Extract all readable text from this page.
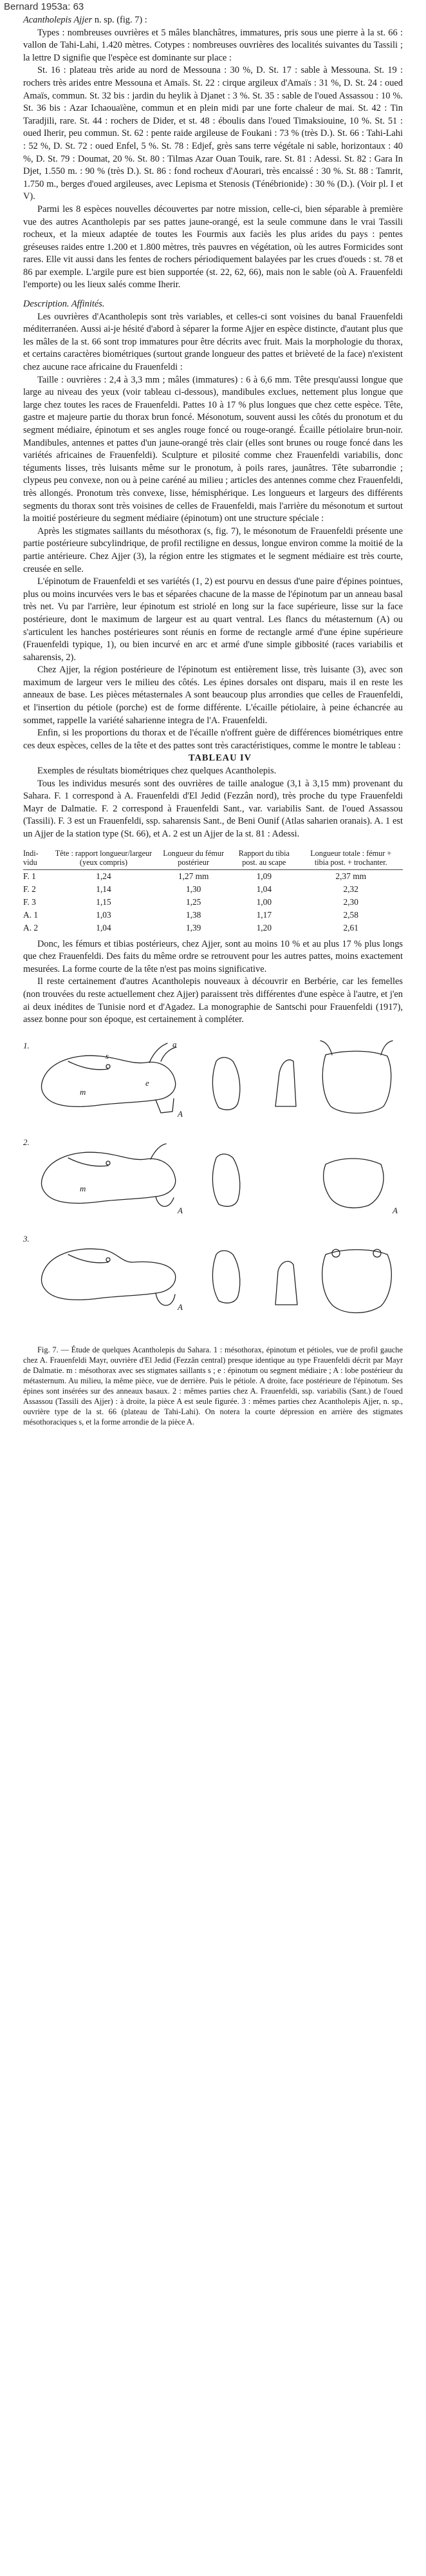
Bernard 1953a: 63

Acantholepis Ajjer n. sp. (fig. 7) :

Types : nombreuses ouvrières et 5 mâles blanchâtres, immatures, pris sous une pierre à la st. 66 : vallon de Tahi-Lahi, 1.420 mètres. Cotypes : nombreuses ouvrières des localités suivantes du Tassili ; la lettre D signifie que l'espèce est dominante sur place :

St. 16 : plateau très aride au nord de Messouna : 30 %, D. St. 17 : sable à Messouna. St. 19 : rochers très arides entre Messouna et Amaïs. St. 22 : cirque argileux d'Amaïs : 31 %, D. St. 24 : oued Amaïs, commun. St. 32 bis : jardin du heylik à Djanet : 3 %. St. 35 : sable de l'oued Assassou : 10 %. St. 36 bis : Azar Ichaouaïène, commun et en plein midi par une forte chaleur de mai. St. 42 : Tin Taradjili, rare. St. 44 : rochers de Dider, et st. 48 : éboulis dans l'oued Timaksiouine, 10 %. St. 51 : oued Iherir, peu commun. St. 62 : pente raide argileuse de Foukani : 73 % (très D.). St. 66 : Tahi-Lahi : 52 %, D. St. 72 : oued Enfel, 5 %. St. 78 : Edjef, grès sans terre végétale ni sable, horizontaux : 40 %, D. St. 79 : Doumat, 20 %. St. 80 : Tilmas Azar Ouan Touik, rare. St. 81 : Adessi. St. 82 : Gara In Djet, 1.550 m. : 90 % (très D.). St. 86 : fond rocheux d'Aourari, très encaissé : 30 %. St. 88 : Tamrit, 1.750 m., berges d'oued argileuses, avec Lepisma et Stenosis (Ténébrionide) : 30 % (D.). (Voir pl. I et V).

Parmi les 8 espèces nouvelles découvertes par notre mission, celle-ci, bien séparable à première vue des autres Acantholepis par ses pattes jaune-orangé, est la seule commune dans le vrai Tassili rocheux, et la mieux adaptée de toutes les Fourmis aux faciès les plus arides du pays : pentes gréseuses raides entre 1.200 et 1.800 mètres, très pauvres en végétation, où les autres Formicides sont rares. Elle vit aussi dans les fentes de rochers périodiquement balayées par les crues d'oueds : st. 78 et 86 par exemple. L'argile pure est bien supportée (st. 22, 62, 66), mais non le sable (où A. Frauenfeldi l'emporte) ou les lieux salés comme Iherir.

Description. Affinités.

Les ouvrières d'Acantholepis sont très variables, et celles-ci sont voisines du banal Frauenfeldi méditerranéen. Aussi ai-je hésité d'abord à séparer la forme Ajjer en espèce distincte, d'autant plus que les mâles de la st. 66 sont trop immatures pour être décrits avec fruit. Mais la morphologie du thorax, et certains caractères biométriques (surtout grande longueur des pattes et brièveté de la face) n'existent chez aucune race africaine du Frauenfeldi :

Taille : ouvrières : 2,4 à 3,3 mm ; mâles (immatures) : 6 à 6,6 mm. Tête presqu'aussi longue que large au niveau des yeux (voir tableau ci-dessous), mandibules exclues, nettement plus longue que large chez toutes les races de Frauenfeldi. Pattes 10 à 17 % plus longues que chez cette espèce. Tête, gastre et majeure partie du thorax brun foncé. Mésonotum, souvent aussi les côtés du pronotum et du segment médiaire, épinotum et ses angles rouge foncé ou rouge-orangé. Écaille pétiolaire brun-noir. Mandibules, antennes et pattes d'un jaune-orangé très clair (elles sont brunes ou rouge foncé dans les variétés africaines de Frauenfeldi). Sculpture et pilosité comme chez Frauenfeldi variabilis, donc téguments lisses, très luisants même sur le pronotum, à poils rares, jaunâtres. Tête subarrondie ; clypeus peu convexe, non ou à peine caréné au milieu ; articles des antennes comme chez Frauenfeldi, très allongés. Pronotum très convexe, lisse, hémisphérique. Les longueurs et largeurs des différents segments du thorax sont très voisines de celles de Frauenfeldi, mais l'arrière du mésonotum et surtout la moitié postérieure du segment médiaire (épinotum) ont une structure spéciale :

Après les stigmates saillants du mésothorax (s, fig. 7), le mésonotum de Frauenfeldi présente une partie postérieure subcylindrique, de profil rectiligne en dessus, longue environ comme la moitié de la partie antérieure. Chez Ajjer (3), la région entre les stigmates et le segment médiaire est très courte, creusée en selle.

L'épinotum de Frauenfeldi et ses variétés (1, 2) est pourvu en dessus d'une paire d'épines pointues, plus ou moins incurvées vers le bas et séparées chacune de la masse de l'épinotum par un anneau basal très net. Vu par l'arrière, leur épinotum est striolé en long sur la face supérieure, lisse sur la face postérieure, dont le maximum de largeur est au quart ventral. Les flancs du métasternum (A) ou s'articulent les hanches postérieures sont réunis en forme de rectangle armé d'une épine supérieure (Frauenfeldi typique, 1), ou bien incurvé en arc et armé d'une simple gibbosité (races variabilis et saharensis, 2).

Chez Ajjer, la région postérieure de l'épinotum est entièrement lisse, très luisante (3), avec son maximum de largeur vers le milieu des côtés. Les épines dorsales ont disparu, mais il en reste les anneaux de base. Les pièces métasternales A sont beaucoup plus arrondies que celles de Frauenfeldi, et l'insertion du pétiole (porche) est de forme différente. L'écaille pétiolaire, à peine échancrée au sommet, rappelle la variété saharienne integra de l'A. Frauenfeldi.

Enfin, si les proportions du thorax et de l'écaille n'offrent guère de différences biométriques entre ces deux espèces, celles de la tête et des pattes sont très caractéristiques, comme le montre le tableau :

TABLEAU IV

Exemples de résultats biométriques chez quelques Acantholepis.

Tous les individus mesurés sont des ouvrières de taille analogue (3,1 à 3,15 mm) provenant du Sahara. F. 1 correspond à A. Frauenfeldi d'El Jedid (Fezzân nord), très proche du type Frauenfeldi Mayr de Dalmatie. F. 2 correspond à Frauenfeldi Sant., var. variabilis Sant. de l'oued Assassou (Tassili). F. 3 est un Frauenfeldi, ssp. saharensis Sant., de Beni Ounif (Atlas saharien oranais). A. 1 est un Ajjer de la station type (St. 66), et A. 2 est un Ajjer de la st. 81 : Adessi.

Indi-vidu	Tête : rapport longueur/largeur (yeux compris)	Longueur du fémur postérieur	Rapport du tibia post. au scape	Longueur totale : fémur + tibia post. + trochanter.
F. 1	1,24	1,27 mm	1,09	2,37 mm
F. 2	1,14	1,30	1,04	2,32
F. 3	1,15	1,25	1,00	2,30
A. 1	1,03	1,38	1,17	2,58
A. 2	1,04	1,39	1,20	2,61

Donc, les fémurs et tibias postérieurs, chez Ajjer, sont au moins 10 % et au plus 17 % plus longs que chez Frauenfeldi. Des faits du même ordre se retrouvent pour les autres pattes, moins exactement mesurées. La forme courte de la tête n'est pas moins significative.

Il reste certainement d'autres Acantholepis nouveaux à découvrir en Berbérie, car les femelles (non trouvées du reste actuellement chez Ajjer) paraissent très différentes d'une espèce à l'autre, et j'en ai deux inédites de Tunisie nord et d'Agadez. La monographie de Santschi pour Frauenfeldi (1917), assez bonne pour son époque, est certainement à compléter.

1.
2.
3.
s
m
a
e
m
A
A
A
A

Fig. 7. — Étude de quelques Acantholepis du Sahara. 1 : mésothorax, épinotum et pétioles, vue de profil gauche chez A. Frauenfeldi Mayr, ouvrière d'El Jedid (Fezzân central) presque identique au type Frauenfeldi décrit par Mayr de Dalmatie. m : mésothorax avec ses stigmates saillants s ; e : épinotum ou segment médiaire ; A : lobe postérieur du métasternum. Au milieu, la même pièce, vue de derrière. Puis le pétiole. A droite, face postérieure de l'épinotum. Ses épines sont insérées sur des anneaux basaux. 2 : mêmes parties chez A. Frauenfeldi, ssp. variabilis (Sant.) de l'oued Assassou (Tassili des Ajjer) : à droite, la pièce A est seule figurée. 3 : mêmes parties chez Acantholepis Ajjer, n. sp., ouvrière type de la st. 66 (plateau de Tahi-Lahi). On notera la courte dépression en arrière des stigmates mésothoraciques s, et la forme arrondie de la pièce A.
